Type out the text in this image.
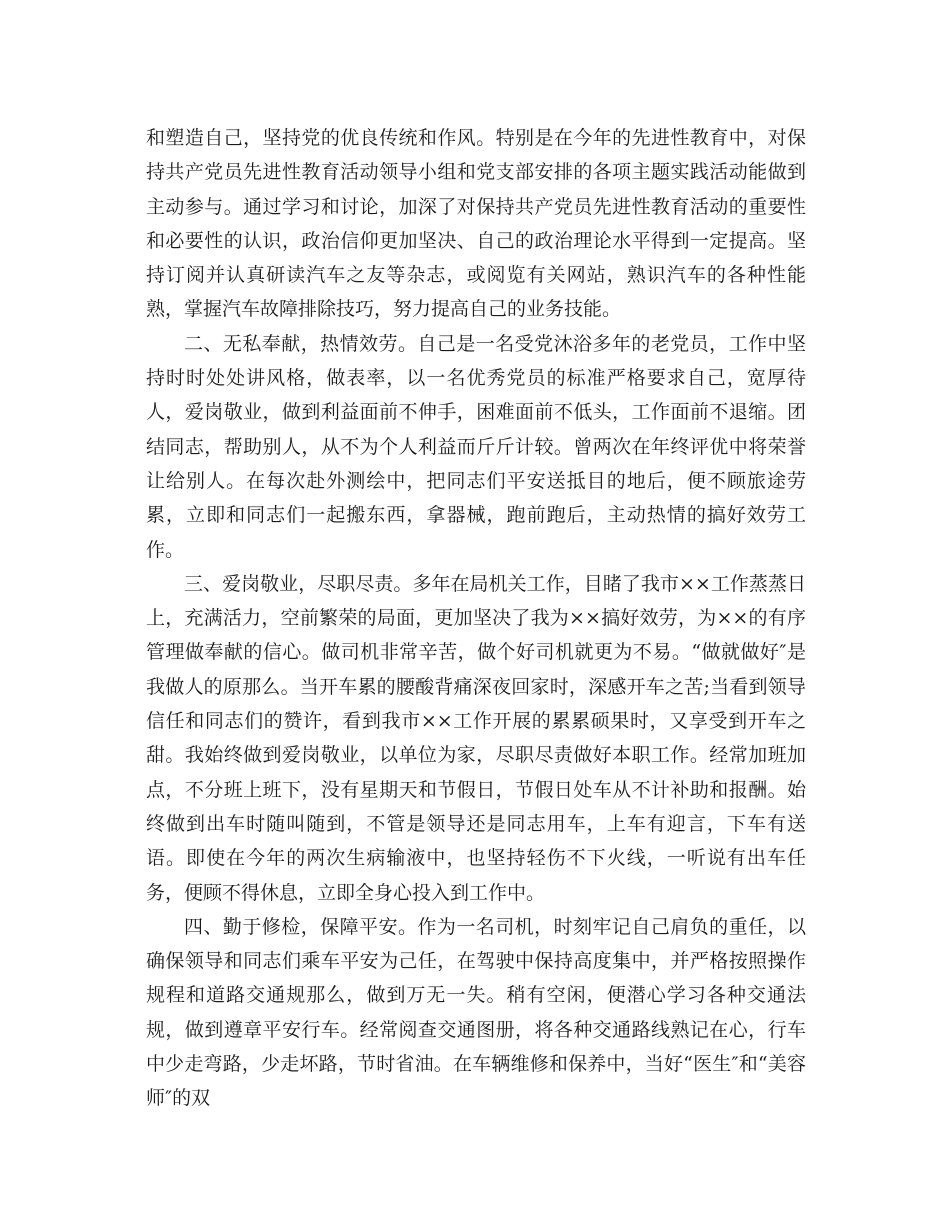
和塑造自己，坚持党的优良传统和作风。特别是在今年的先进性教育中，对保持共产党员先进性教育活动领导小组和党支部安排的各项主题实践活动能做到主动参与。通过学习和讨论，加深了对保持共产党员先进性教育活动的重要性和必要性的认识，政治信仰更加坚决、自己的政治理论水平得到一定提高。坚持订阅并认真研读汽车之友等杂志，或阅览有关网站，熟识汽车的各种性能熟，掌握汽车故障排除技巧，努力提高自己的业务技能。

二、无私奉献，热情效劳。自己是一名受党沐浴多年的老党员，工作中坚持时时处处讲风格，做表率，以一名优秀党员的标准严格要求自己，宽厚待人，爱岗敬业，做到利益面前不伸手，困难面前不低头，工作面前不退缩。团结同志，帮助别人，从不为个人利益而斤斤计较。曾两次在年终评优中将荣誉让给别人。在每次赴外测绘中，把同志们平安送抵目的地后，便不顾旅途劳累，立即和同志们一起搬东西，拿器械，跑前跑后，主动热情的搞好效劳工作。

三、爱岗敬业，尽职尽责。多年在局机关工作，目睹了我市××工作蒸蒸日上，充满活力，空前繁荣的局面，更加坚决了我为××搞好效劳，为××的有序管理做奉献的信心。做司机非常辛苦，做个好司机就更为不易。“做就做好″是我做人的原那么。当开车累的腰酸背痛深夜回家时，深感开车之苦;当看到领导信任和同志们的赞许，看到我市××工作开展的累累硕果时，又享受到开车之甜。我始终做到爱岗敬业，以单位为家，尽职尽责做好本职工作。经常加班加点，不分班上班下，没有星期天和节假日，节假日处车从不计补助和报酬。始终做到出车时随叫随到，不管是领导还是同志用车，上车有迎言，下车有送语。即使在今年的两次生病输液中，也坚持轻伤不下火线，一听说有出车任务，便顾不得休息，立即全身心投入到工作中。

四、勤于修检，保障平安。作为一名司机，时刻牢记自己肩负的重任，以确保领导和同志们乘车平安为己任，在驾驶中保持高度集中，并严格按照操作规程和道路交通规那么，做到万无一失。稍有空闲，便潜心学习各种交通法规，做到遵章平安行车。经常阅查交通图册，将各种交通路线熟记在心，行车中少走弯路，少走坏路，节时省油。在车辆维修和保养中，当好“医生″和“美容师″的双
